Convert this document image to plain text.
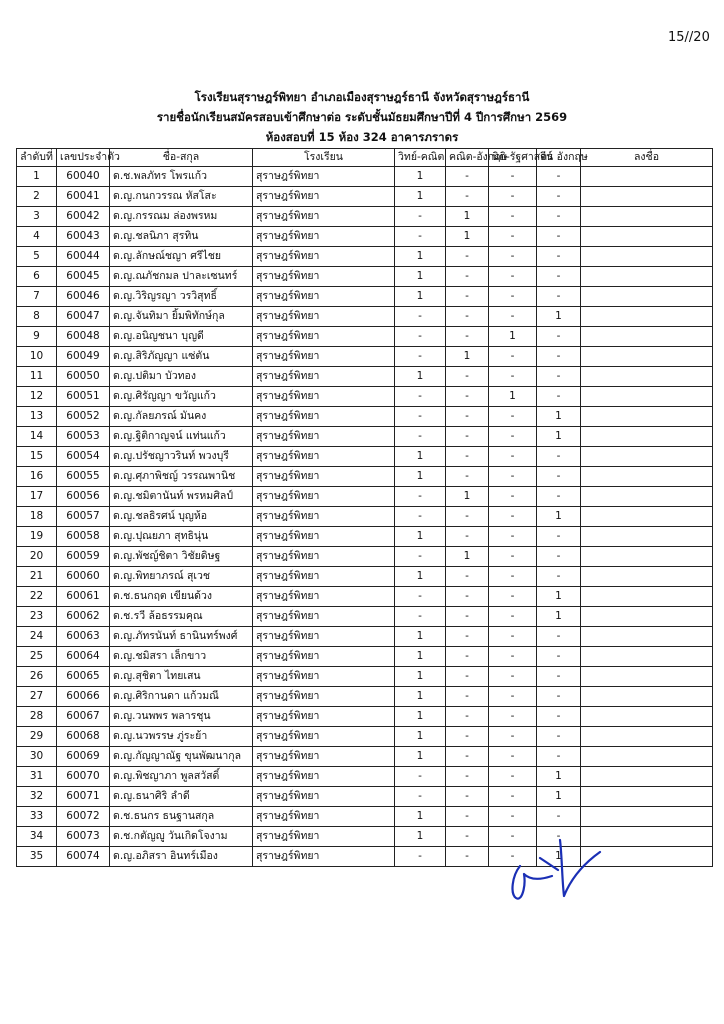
15//20
โรงเรียนสุราษฎร์พิทยา อำเภอเมืองสุราษฎร์ธานี จังหวัดสุราษฎร์ธานี
รายชื่อนักเรียนสมัครสอบเข้าศึกษาต่อ ระดับชั้นมัธยมศึกษาปีที่ 4 ปีการศึกษา 2569
ห้องสอบที่ 15 ห้อง 324 อาคารภราดร
ลำดับที่	เลขประจำตัว	ชื่อ-สกุล	โรงเรียน	วิทย์-คณิต	คณิต-อังกฤษ	นิติ-รัฐศาสตร์	จีน อังกฤษ	ลงชื่อ
1	60040	ด.ช.พลภัทร โพรแก้ว	สุราษฎร์พิทยา	1	-	-	-	
2	60041	ด.ญ.กนกวรรณ หัสโสะ	สุราษฎร์พิทยา	1	-	-	-	
3	60042	ด.ญ.กรรณม ล่องพรหม	สุราษฎร์พิทยา	-	1	-	-	
4	60043	ด.ญ.ชลนิภา สุรทิน	สุราษฎร์พิทยา	-	1	-	-	
5	60044	ด.ญ.ลักษณ์ชญา ศรีไชย	สุราษฎร์พิทยา	1	-	-	-	
6	60045	ด.ญ.ณภัชกมล ปาละเซนทร์	สุราษฎร์พิทยา	1	-	-	-	
7	60046	ด.ญ.วิริญรญา วรวิสุทธิ์	สุราษฎร์พิทยา	1	-	-	-	
8	60047	ด.ญ.จันทิมา ยิ้มพิทักษ์กุล	สุราษฎร์พิทยา	-	-	-	1	
9	60048	ด.ญ.อนิญชนา บุญดี	สุราษฎร์พิทยา	-	-	1	-	
10	60049	ด.ญ.สิริภัญญา แซ่ตัน	สุราษฎร์พิทยา	-	1	-	-	
11	60050	ด.ญ.ปติมา บัวทอง	สุราษฎร์พิทยา	1	-	-	-	
12	60051	ด.ญ.ศิรัญญา ขวัญแก้ว	สุราษฎร์พิทยา	-	-	1	-	
13	60052	ด.ญ.กัลยภรณ์ มันคง	สุราษฎร์พิทยา	-	-	-	1	
14	60053	ด.ญ.ฐิติกาญจน์ แท่นแก้ว	สุราษฎร์พิทยา	-	-	-	1	
15	60054	ด.ญ.ปรัชญาวรินท์ พวงบุรี	สุราษฎร์พิทยา	1	-	-	-	
16	60055	ด.ญ.ศุภาพิชญ์ วรรณพานิช	สุราษฎร์พิทยา	1	-	-	-	
17	60056	ด.ญ.ชมิตานันท์ พรหมศิลป์	สุราษฎร์พิทยา	-	1	-	-	
18	60057	ด.ญ.ชลธิรศน์ บุญห้อ	สุราษฎร์พิทยา	-	-	-	1	
19	60058	ด.ญ.ปุณยภา สุทธินุ่น	สุราษฎร์พิทยา	1	-	-	-	
20	60059	ด.ญ.พัชญ์ชิตา วิชัยดิษฐ	สุราษฎร์พิทยา	-	1	-	-	
21	60060	ด.ญ.พิทยาภรณ์ สุเวช	สุราษฎร์พิทยา	1	-	-	-	
22	60061	ด.ช.ธนกฤต เขียนด้วง	สุราษฎร์พิทยา	-	-	-	1	
23	60062	ด.ช.รวี ล้อธรรมคุณ	สุราษฎร์พิทยา	-	-	-	1	
24	60063	ด.ญ.ภัทรนันท์ ธานินทร์พงศ์	สุราษฎร์พิทยา	1	-	-	-	
25	60064	ด.ญ.ชมิสรา เล็กขาว	สุราษฎร์พิทยา	1	-	-	-	
26	60065	ด.ญ.สุชิตา ไทยเสน	สุราษฎร์พิทยา	1	-	-	-	
27	60066	ด.ญ.ศิริกานดา แก้วมณี	สุราษฎร์พิทยา	1	-	-	-	
28	60067	ด.ญ.วนพพร พลารชุน	สุราษฎร์พิทยา	1	-	-	-	
29	60068	ด.ญ.นวพรรษ ภู่ระย้า	สุราษฎร์พิทยา	1	-	-	-	
30	60069	ด.ญ.กัญญาณัฐ ขุนพัฒนากุล	สุราษฎร์พิทยา	1	-	-	-	
31	60070	ด.ญ.พิชญาภา พูลสวัสดิ์	สุราษฎร์พิทยา	-	-	-	1	
32	60071	ด.ญ.ธนาศิริ ลำดี	สุราษฎร์พิทยา	-	-	-	1	
33	60072	ด.ช.ธนกร ธนฐานสกุล	สุราษฎร์พิทยา	1	-	-	-	
34	60073	ด.ช.กตัญญู วันเกิดโจงาม	สุราษฎร์พิทยา	1	-	-	-	
35	60074	ด.ญ.อภิสรา อินทร์เมือง	สุราษฎร์พิทยา	-	-	-	1	
